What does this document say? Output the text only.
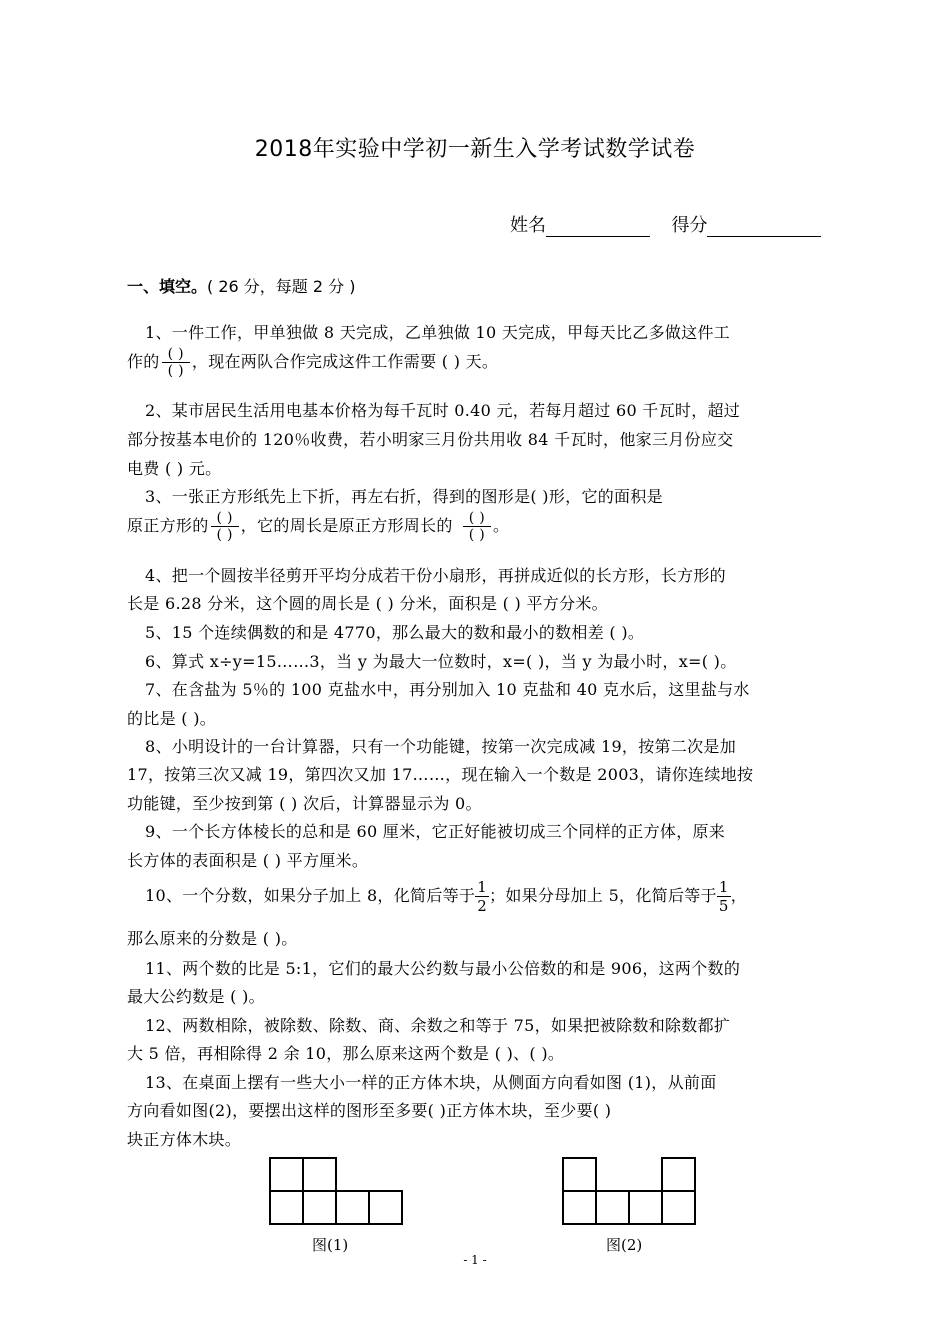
2018年实验中学初一新生入学考试数学试卷
姓名	得分
一、填空。( 26 分，每题 2 分 )
1、一件工作，甲单独做 8 天完成，乙单独做 10 天完成，甲每天比乙多做这件工
作的 $\frac{( )}{( )}$ ，现在两队合作完成这件工作需要 ( ) 天。
2、某市居民生活用电基本价格为每千瓦时 0.40 元，若每月超过 60 千瓦时，超过
部分按基本电价的 120％收费，若小明家三月份共用收 84 千瓦时，他家三月份应交
电费 ( ) 元。
3、一张正方形纸先上下折，再左右折，得到的图形是( )形，它的面积是
原正方形的 $\frac{( )}{( )}$ ，它的周长是原正方形周长的 $\frac{( )}{( )}$ 。
4、把一个圆按半径剪开平均分成若干份小扇形，再拼成近似的长方形，长方形的
长是 6.28 分米，这个圆的周长是 ( ) 分米，面积是 ( ) 平方分米。
5、15 个连续偶数的和是 4770，那么最大的数和最小的数相差 ( )。
6、算式 x÷y=15……3，当 y 为最大一位数时，x=( )，当 y 为最小时，x=( )。
7、在含盐为 5％的 100 克盐水中，再分别加入 10 克盐和 40 克水后，这里盐与水
的比是 ( )。
8、小明设计的一台计算器，只有一个功能键，按第一次完成减 19，按第二次是加
17，按第三次又减 19，第四次又加 17……，现在输入一个数是 2003，请你连续地按
功能键，至少按到第 ( ) 次后，计算器显示为 0。
9、一个长方体棱长的总和是 60 厘米，它正好能被切成三个同样的正方体，原来
长方体的表面积是 ( ) 平方厘米。
10、一个分数，如果分子加上 8，化简后等于 $\frac{1}{2}$ ；如果分母加上 5，化简后等于 $\frac{1}{5}$ ，
那么原来的分数是 ( )。
11、两个数的比是 5:1，它们的最大公约数与最小公倍数的和是 906，这两个数的
最大公约数是 ( )。
12、两数相除，被除数、除数、商、余数之和等于 75，如果把被除数和除数都扩
大 5 倍，再相除得 2 余 10，那么原来这两个数是 ( )、( )。
13、在桌面上摆有一些大小一样的正方体木块，从侧面方向看如图 (1)，从前面
方向看如图(2)，要摆出这样的图形至多要( )正方体木块，至少要( )
块正方体木块。
图(1)	图(2)
- 1 -
